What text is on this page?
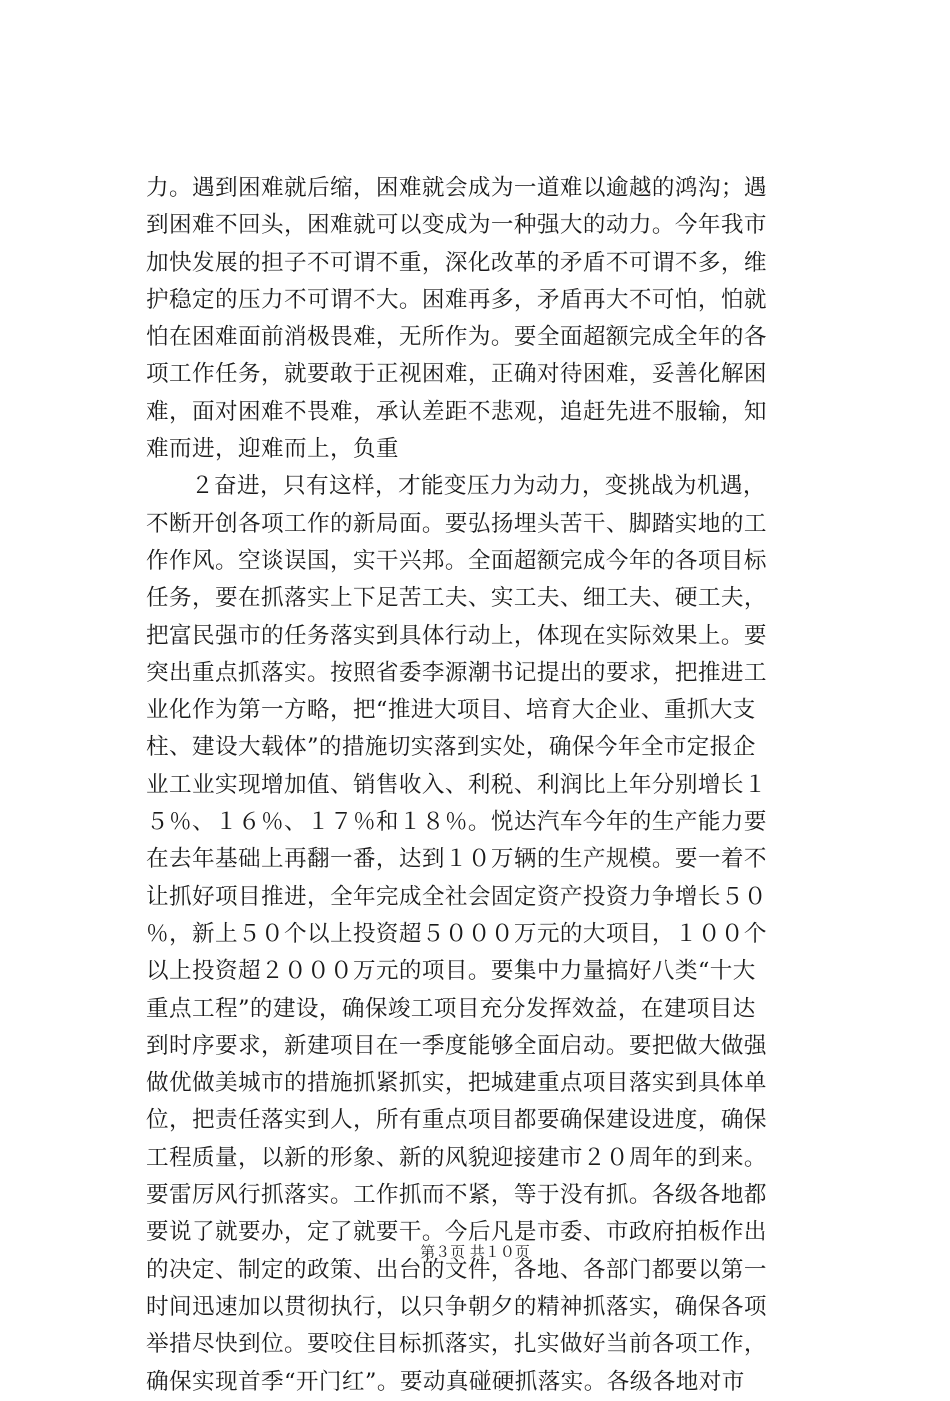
力。遇到困难就后缩，困难就会成为一道难以逾越的鸿沟；遇
到困难不回头，困难就可以变成为一种强大的动力。今年我市
加快发展的担子不可谓不重，深化改革的矛盾不可谓不多，维
护稳定的压力不可谓不大。困难再多，矛盾再大不可怕，怕就
怕在困难面前消极畏难，无所作为。要全面超额完成全年的各
项工作任务，就要敢于正视困难，正确对待困难，妥善化解困
难，面对困难不畏难，承认差距不悲观，追赶先进不服输，知
难而进，迎难而上，负重
２奋进，只有这样，才能变压力为动力，变挑战为机遇，
不断开创各项工作的新局面。要弘扬埋头苦干、脚踏实地的工
作作风。空谈误国，实干兴邦。全面超额完成今年的各项目标
任务，要在抓落实上下足苦工夫、实工夫、细工夫、硬工夫，
把富民强市的任务落实到具体行动上，体现在实际效果上。要
突出重点抓落实。按照省委李源潮书记提出的要求，把推进工
业化作为第一方略，把“推进大项目、培育大企业、重抓大支
柱、建设大载体”的措施切实落到实处，确保今年全市定报企
业工业实现增加值、销售收入、利税、利润比上年分别增长１
５％、１６％、１７％和１８％。悦达汽车今年的生产能力要
在去年基础上再翻一番，达到１０万辆的生产规模。要一着不
让抓好项目推进，全年完成全社会固定资产投资力争增长５０
％，新上５０个以上投资超５０００万元的大项目，１００个
以上投资超２０００万元的项目。要集中力量搞好八类“十大
重点工程”的建设，确保竣工项目充分发挥效益，在建项目达
到时序要求，新建项目在一季度能够全面启动。要把做大做强
做优做美城市的措施抓紧抓实，把城建重点项目落实到具体单
位，把责任落实到人，所有重点项目都要确保建设进度，确保
工程质量，以新的形象、新的风貌迎接建市２０周年的到来。
要雷厉风行抓落实。工作抓而不紧，等于没有抓。各级各地都
要说了就要办，定了就要干。今后凡是市委、市政府拍板作出
的决定、制定的政策、出台的文件，各地、各部门都要以第一
时间迅速加以贯彻执行，以只争朝夕的精神抓落实，确保各项
举措尽快到位。要咬住目标抓落实，扎实做好当前各项工作，
确保实现首季“开门红”。要动真碰硬抓落实。各级各地对市
第３页 共１０页
